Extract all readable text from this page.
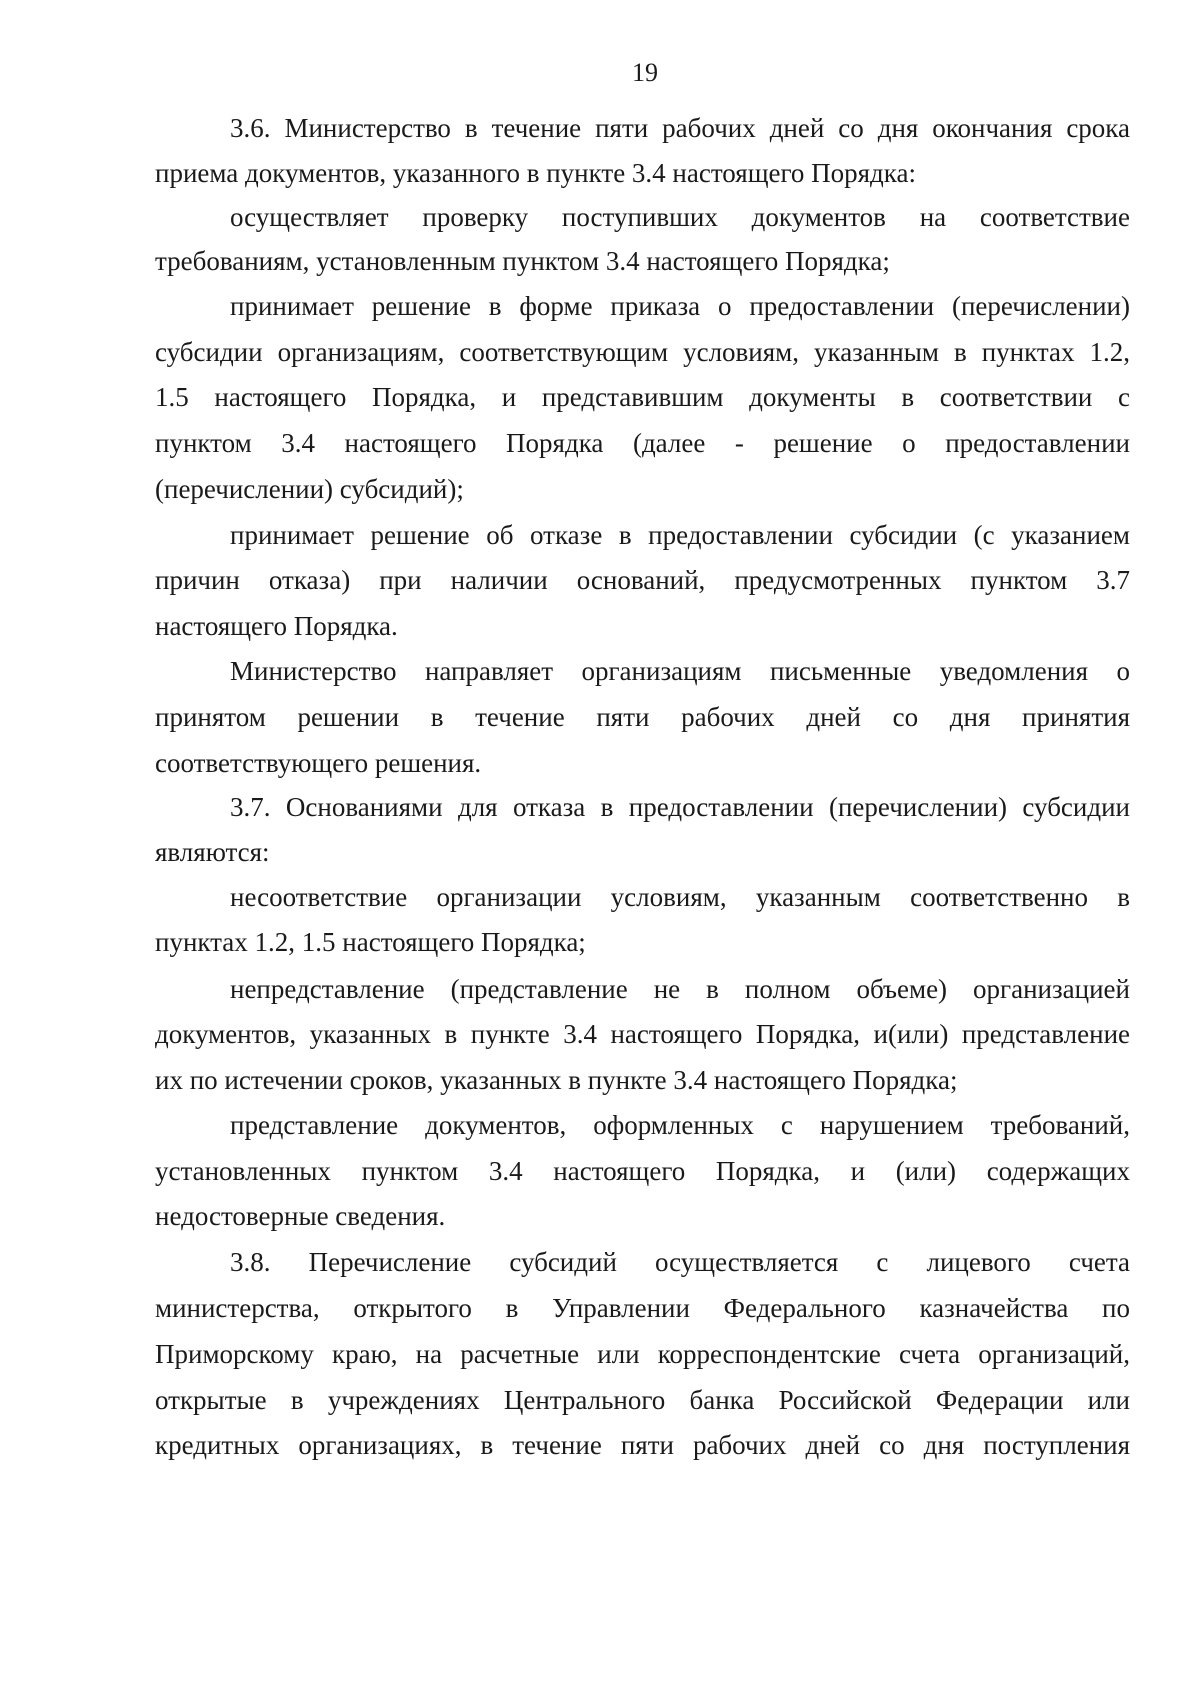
19
3.6. Министерство в течение пяти рабочих дней со дня окончания срока
приема документов, указанного в пункте 3.4 настоящего Порядка:
осуществляет проверку поступивших документов на соответствие
требованиям, установленным пунктом 3.4 настоящего Порядка;
принимает решение в форме приказа о предоставлении (перечислении)
субсидии организациям, соответствующим условиям, указанным в пунктах 1.2,
1.5 настоящего Порядка, и представившим документы в соответствии с
пунктом 3.4 настоящего Порядка (далее - решение о предоставлении
(перечислении) субсидий);
принимает решение об отказе в предоставлении субсидии (с указанием
причин отказа) при наличии оснований, предусмотренных пунктом 3.7
настоящего Порядка.
Министерство направляет организациям письменные уведомления о
принятом решении в течение пяти рабочих дней со дня принятия
соответствующего решения.
3.7. Основаниями для отказа в предоставлении (перечислении) субсидии
являются:
несоответствие организации условиям, указанным соответственно в
пунктах 1.2, 1.5 настоящего Порядка;
непредставление (представление не в полном объеме) организацией
документов, указанных в пункте 3.4 настоящего Порядка, и(или) представление
их по истечении сроков, указанных в пункте 3.4 настоящего Порядка;
представление документов, оформленных с нарушением требований,
установленных пунктом 3.4 настоящего Порядка, и (или) содержащих
недостоверные сведения.
3.8. Перечисление субсидий осуществляется с лицевого счета
министерства, открытого в Управлении Федерального казначейства по
Приморскому краю, на расчетные или корреспондентские счета организаций,
открытые в учреждениях Центрального банка Российской Федерации или
кредитных организациях, в течение пяти рабочих дней со дня поступления
